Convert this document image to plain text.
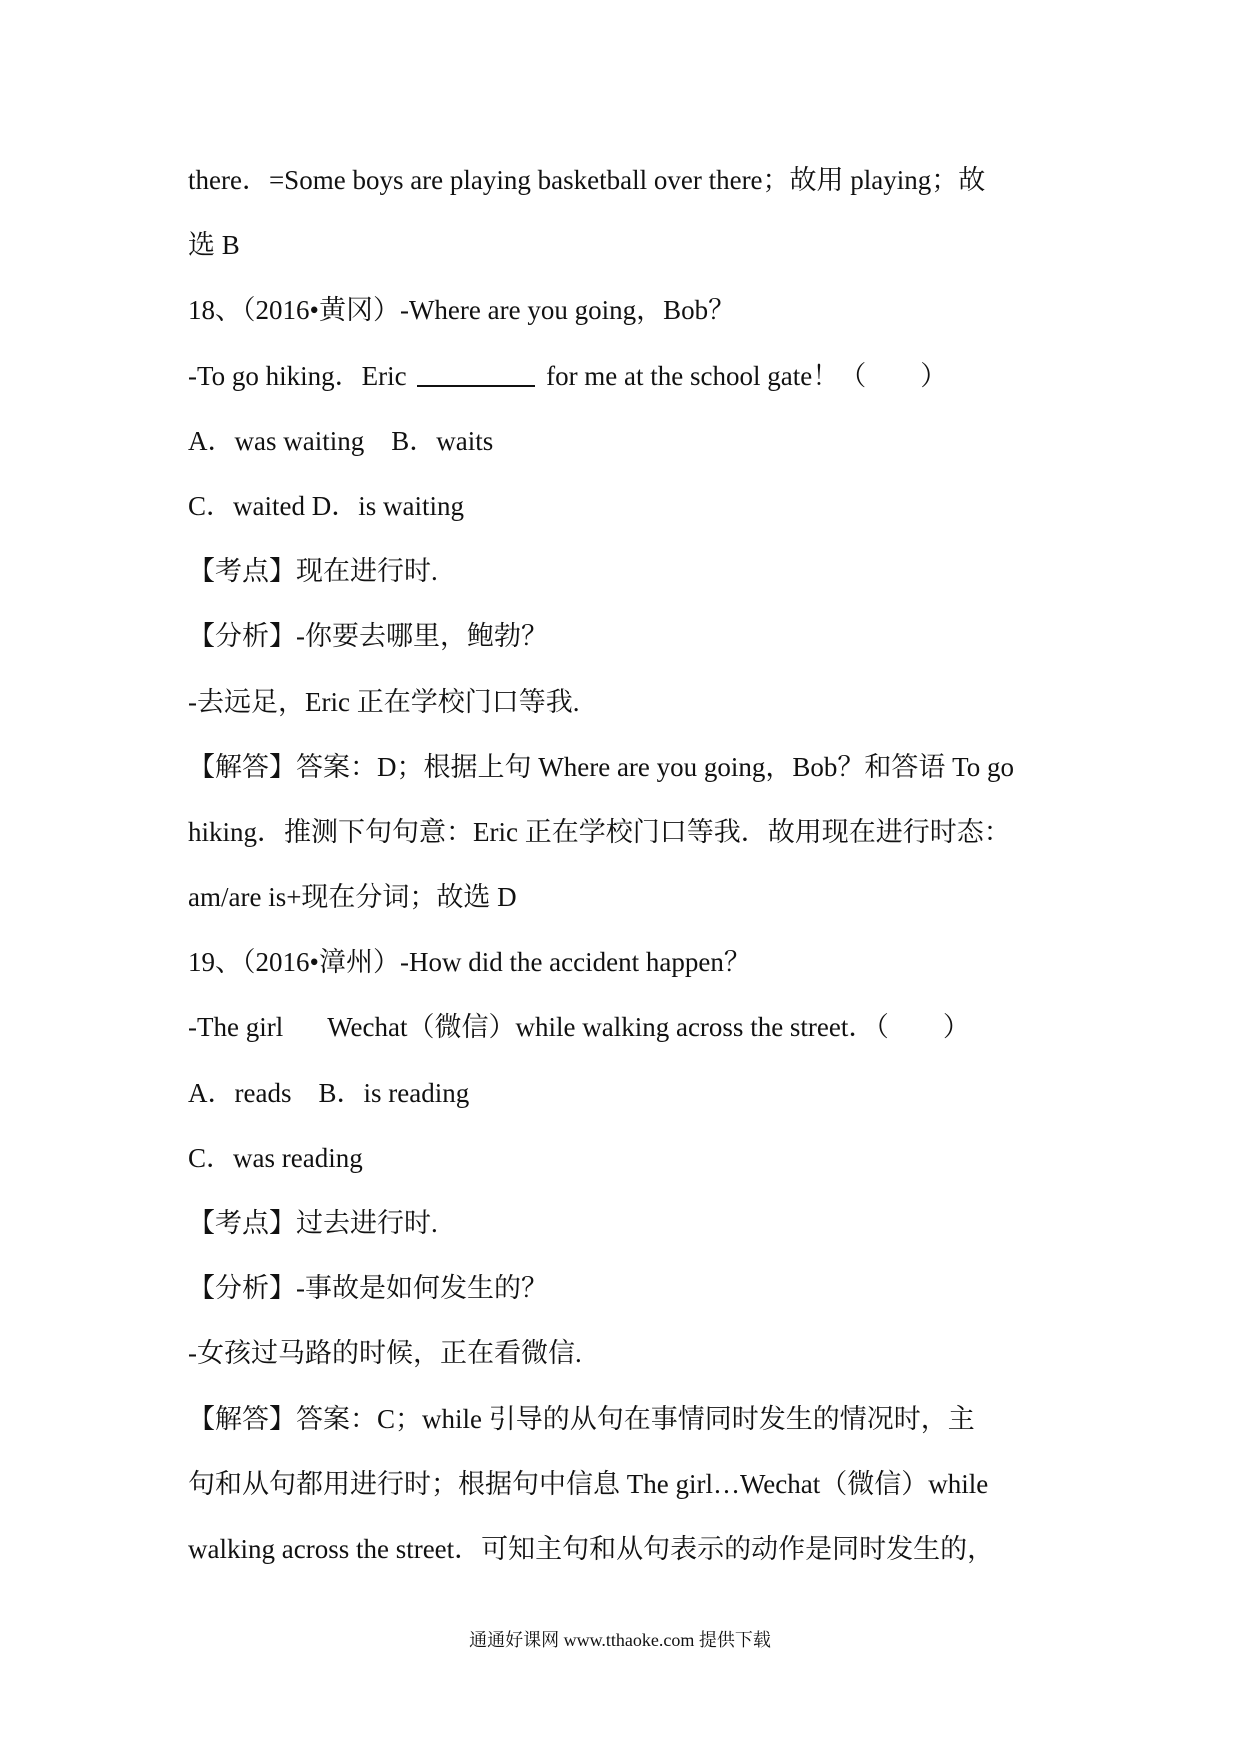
there．=Some boys are playing basketball over there；故用 playing；故
选 B
18、（2016•黄冈）-Where are you going，Bob？
-To go hiking．Eric	for me at the school gate！（　　）
A．was waiting　B．waits
C．waited D．is waiting
【考点】现在进行时.
【分析】-你要去哪里，鲍勃？
-去远足，Eric 正在学校门口等我.
【解答】答案：D；根据上句 Where are you going，Bob？和答语 To go
hiking．推测下句句意：Eric 正在学校门口等我．故用现在进行时态：
am/are is+现在分词；故选 D
19、（2016•漳州）-How did the accident happen？
-The girl Wechat（微信）while walking across the street．（　　）
A．reads　B．is reading
C．was reading
【考点】过去进行时.
【分析】-事故是如何发生的？
-女孩过马路的时候，正在看微信.
【解答】答案：C；while 引导的从句在事情同时发生的情况时，主
句和从句都用进行时；根据句中信息 The girl…Wechat（微信）while
walking across the street．可知主句和从句表示的动作是同时发生的，
通通好课网 www.tthaoke.com 提供下载
